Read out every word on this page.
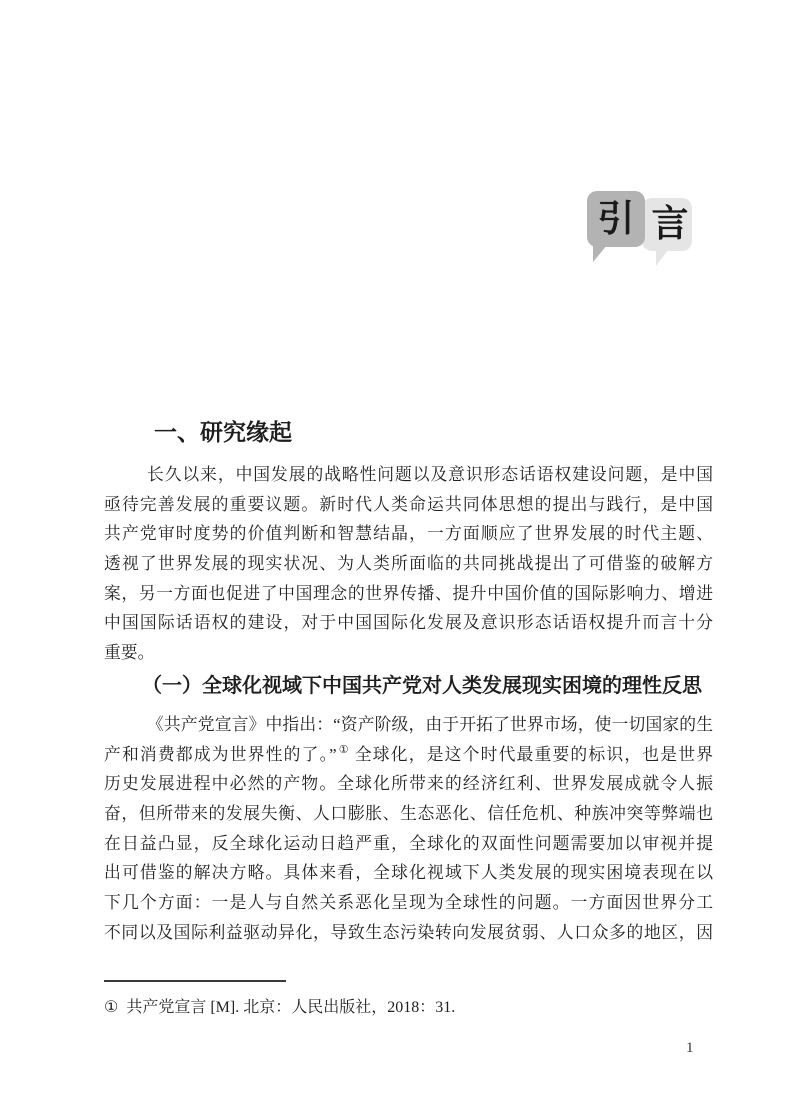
引 言
一、研究缘起
长久以来，中国发展的战略性问题以及意识形态话语权建设问题，是中国
亟待完善发展的重要议题。新时代人类命运共同体思想的提出与践行，是中国
共产党审时度势的价值判断和智慧结晶，一方面顺应了世界发展的时代主题、
透视了世界发展的现实状况、为人类所面临的共同挑战提出了可借鉴的破解方
案，另一方面也促进了中国理念的世界传播、提升中国价值的国际影响力、增进
中国国际话语权的建设，对于中国国际化发展及意识形态话语权提升而言十分
重要。
（一）全球化视域下中国共产党对人类发展现实困境的理性反思
《共产党宣言》中指出：“资产阶级，由于开拓了世界市场，使一切国家的生
产和消费都成为世界性的了。”① 全球化，是这个时代最重要的标识，也是世界
历史发展进程中必然的产物。全球化所带来的经济红利、世界发展成就令人振
奋，但所带来的发展失衡、人口膨胀、生态恶化、信任危机、种族冲突等弊端也
在日益凸显，反全球化运动日趋严重，全球化的双面性问题需要加以审视并提
出可借鉴的解决方略。具体来看，全球化视域下人类发展的现实困境表现在以
下几个方面：一是人与自然关系恶化呈现为全球性的问题。一方面因世界分工
不同以及国际利益驱动异化，导致生态污染转向发展贫弱、人口众多的地区，因
① 共产党宣言 [M]. 北京：人民出版社，2018：31.
1
